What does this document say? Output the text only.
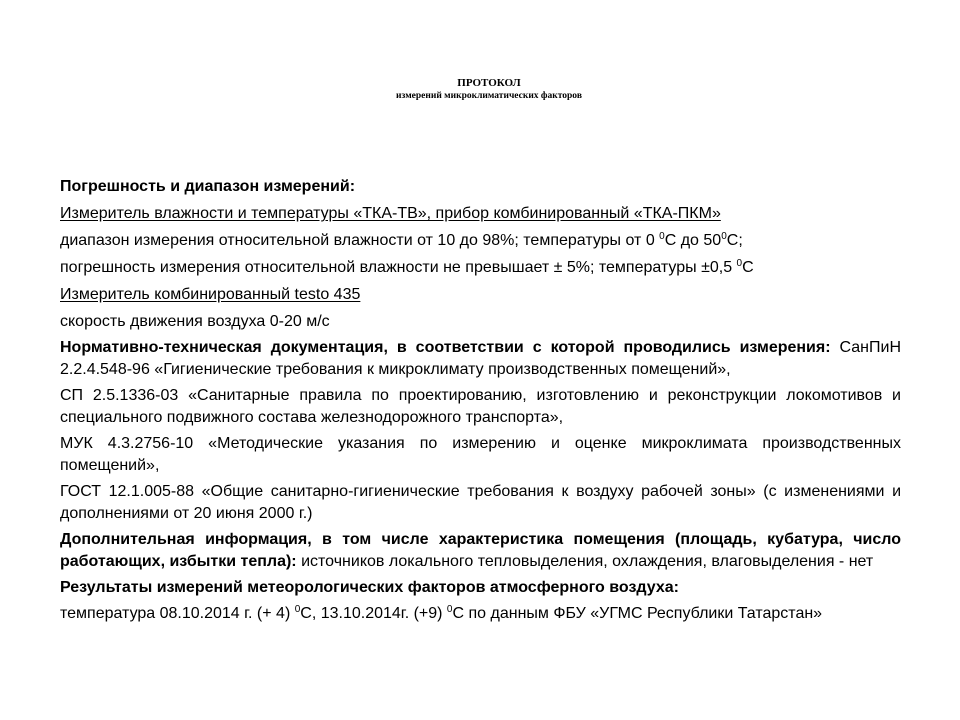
ПРОТОКОЛ
измерений микроклиматических факторов

Погрешность и диапазон измерений:

Измеритель влажности и температуры «ТКА-ТВ», прибор комбинированный «ТКА-ПКМ»

диапазон измерения относительной влажности от 10 до 98%; температуры от 0 $^0$С до $50^0С$;

погрешность измерения относительной влажности не превышает ± 5%; температуры ±0,5 $^0$С

Измеритель комбинированный testo 435

скорость движения воздуха 0-20 м/с

Нормативно-техническая документация, в соответствии с которой проводились измерения: СанПиН 2.2.4.548-96 «Гигиенические требования к микроклимату производственных помещений»,

СП 2.5.1336-03 «Санитарные правила по проектированию, изготовлению и реконструкции локомотивов и специального подвижного состава железнодорожного транспорта»,

МУК 4.3.2756-10 «Методические указания по измерению и оценке микроклимата производственных помещений»,

ГОСТ 12.1.005-88 «Общие санитарно-гигиенические требования к воздуху рабочей зоны» (с изменениями и дополнениями от 20 июня 2000 г.)

Дополнительная информация, в том числе характеристика помещения (площадь, кубатура, число работающих, избытки тепла): источников локального тепловыделения, охлаждения, влаговыделения - нет

Результаты измерений метеорологических факторов атмосферного воздуха:

температура 08.10.2014 г. (+ 4) $^0$С, 13.10.2014г. (+9) $^0$С по данным ФБУ «УГМС Республики Татарстан»
